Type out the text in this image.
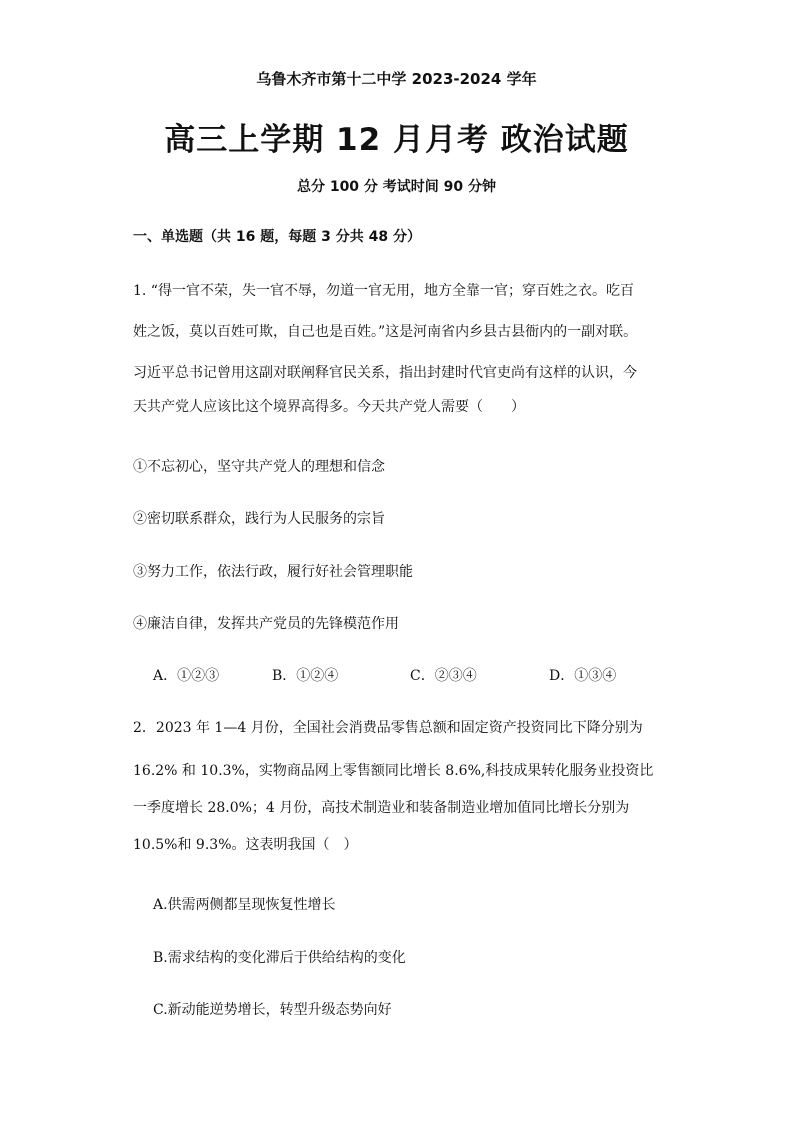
乌鲁木齐市第十二中学 2023-2024 学年
高三上学期 12 月月考 政治试题
总分 100 分 考试时间 90 分钟
一、单选题（共 16 题，每题 3 分共 48 分）
1. “得一官不荣，失一官不辱，勿道一官无用，地方全靠一官；穿百姓之衣。吃百
姓之饭，莫以百姓可欺，自己也是百姓。”这是河南省内乡县古县衙内的一副对联。
习近平总书记曾用这副对联阐释官民关系，指出封建时代官吏尚有这样的认识，今
天共产党人应该比这个境界高得多。今天共产党人需要（　　）
①不忘初心，坚守共产党人的理想和信念
②密切联系群众，践行为人民服务的宗旨
③努力工作，依法行政，履行好社会管理职能
④廉洁自律，发挥共产党员的先锋模范作用
A．①②③	B．①②④	C．②③④	D．①③④
2．2023 年 1—4 月份，全国社会消费品零售总额和固定资产投资同比下降分别为
16.2% 和 10.3%，实物商品网上零售额同比增长 8.6%,科技成果转化服务业投资比
一季度增长 28.0%；4 月份，高技术制造业和装备制造业增加值同比增长分别为
10.5%和 9.3%。这表明我国（　）
A.供需两侧都呈现恢复性增长
B.需求结构的变化滞后于供给结构的变化
C.新动能逆势增长，转型升级态势向好
